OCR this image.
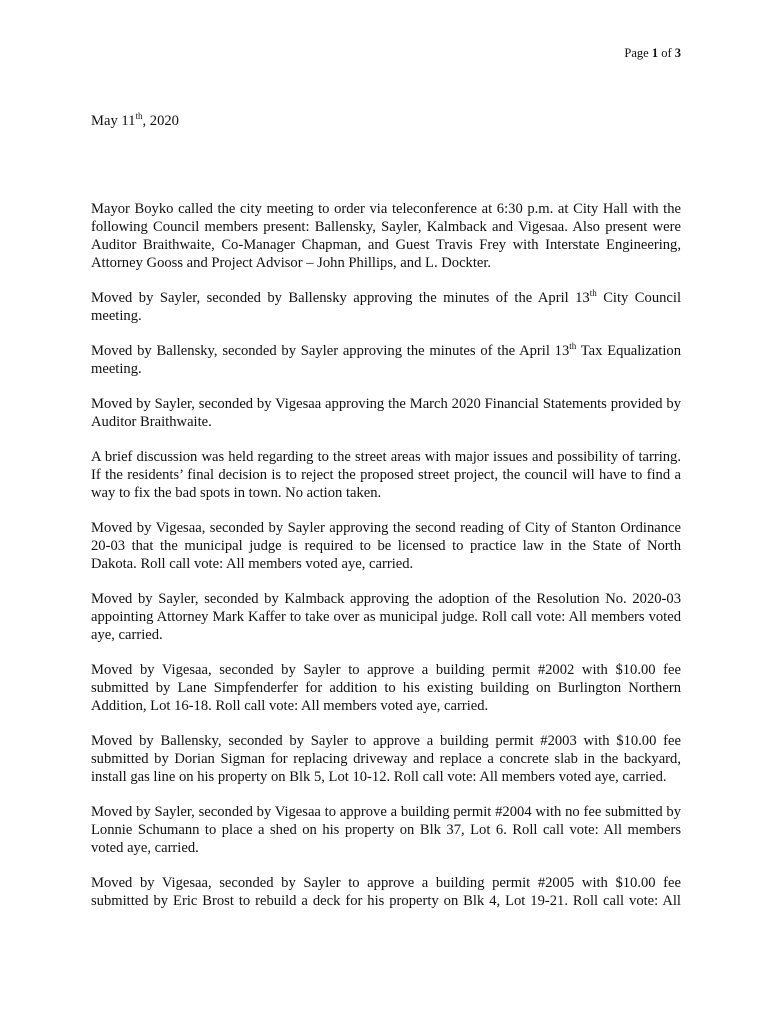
Page 1 of 3
May 11th, 2020

Mayor Boyko called the city meeting to order via teleconference at 6:30 p.m. at City Hall with the following Council members present: Ballensky, Sayler, Kalmback and Vigesaa. Also present were Auditor Braithwaite, Co-Manager Chapman, and Guest Travis Frey with Interstate Engineering, Attorney Gooss and Project Advisor – John Phillips, and L. Dockter.

Moved by Sayler, seconded by Ballensky approving the minutes of the April 13th City Council meeting.

Moved by Ballensky, seconded by Sayler approving the minutes of the April 13th Tax Equalization meeting.

Moved by Sayler, seconded by Vigesaa approving the March 2020 Financial Statements provided by Auditor Braithwaite.

A brief discussion was held regarding to the street areas with major issues and possibility of tarring. If the residents’ final decision is to reject the proposed street project, the council will have to find a way to fix the bad spots in town. No action taken.

Moved by Vigesaa, seconded by Sayler approving the second reading of City of Stanton Ordinance 20-03 that the municipal judge is required to be licensed to practice law in the State of North Dakota. Roll call vote: All members voted aye, carried.

Moved by Sayler, seconded by Kalmback approving the adoption of the Resolution No. 2020-03 appointing Attorney Mark Kaffer to take over as municipal judge. Roll call vote: All members voted aye, carried.

Moved by Vigesaa, seconded by Sayler to approve a building permit #2002 with $10.00 fee submitted by Lane Simpfenderfer for addition to his existing building on Burlington Northern Addition, Lot 16-18. Roll call vote: All members voted aye, carried.

Moved by Ballensky, seconded by Sayler to approve a building permit #2003 with $10.00 fee submitted by Dorian Sigman for replacing driveway and replace a concrete slab in the backyard, install gas line on his property on Blk 5, Lot 10-12. Roll call vote: All members voted aye, carried.

Moved by Sayler, seconded by Vigesaa to approve a building permit #2004 with no fee submitted by Lonnie Schumann to place a shed on his property on Blk 37, Lot 6. Roll call vote: All members voted aye, carried.

Moved by Vigesaa, seconded by Sayler to approve a building permit #2005 with $10.00 fee submitted by Eric Brost to rebuild a deck for his property on Blk 4, Lot 19-21. Roll call vote: All
